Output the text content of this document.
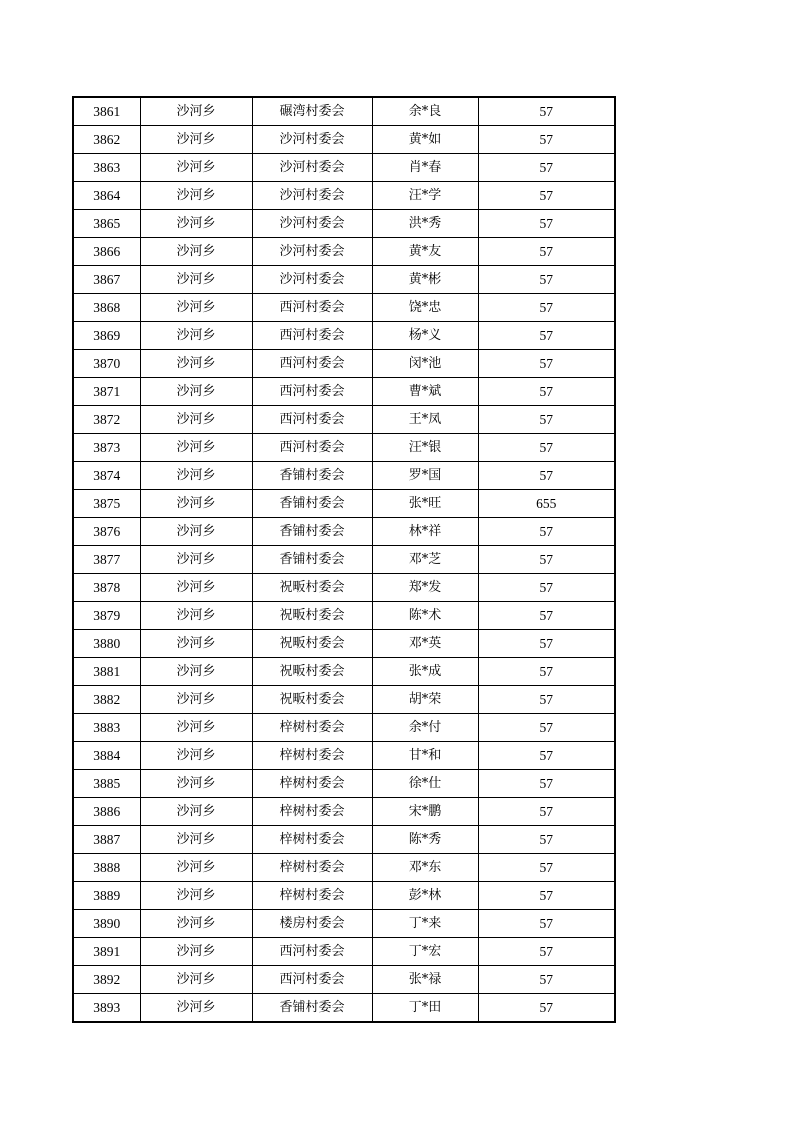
3861	沙河乡	碾湾村委会	余*良	57
3862	沙河乡	沙河村委会	黄*如	57
3863	沙河乡	沙河村委会	肖*春	57
3864	沙河乡	沙河村委会	汪*学	57
3865	沙河乡	沙河村委会	洪*秀	57
3866	沙河乡	沙河村委会	黄*友	57
3867	沙河乡	沙河村委会	黄*彬	57
3868	沙河乡	西河村委会	饶*忠	57
3869	沙河乡	西河村委会	杨*义	57
3870	沙河乡	西河村委会	闵*池	57
3871	沙河乡	西河村委会	曹*斌	57
3872	沙河乡	西河村委会	王*凤	57
3873	沙河乡	西河村委会	汪*银	57
3874	沙河乡	香铺村委会	罗*国	57
3875	沙河乡	香铺村委会	张*旺	655
3876	沙河乡	香铺村委会	林*祥	57
3877	沙河乡	香铺村委会	邓*芝	57
3878	沙河乡	祝畈村委会	郑*发	57
3879	沙河乡	祝畈村委会	陈*术	57
3880	沙河乡	祝畈村委会	邓*英	57
3881	沙河乡	祝畈村委会	张*成	57
3882	沙河乡	祝畈村委会	胡*荣	57
3883	沙河乡	梓树村委会	余*付	57
3884	沙河乡	梓树村委会	甘*和	57
3885	沙河乡	梓树村委会	徐*仕	57
3886	沙河乡	梓树村委会	宋*鹏	57
3887	沙河乡	梓树村委会	陈*秀	57
3888	沙河乡	梓树村委会	邓*东	57
3889	沙河乡	梓树村委会	彭*林	57
3890	沙河乡	楼房村委会	丁*来	57
3891	沙河乡	西河村委会	丁*宏	57
3892	沙河乡	西河村委会	张*禄	57
3893	沙河乡	香铺村委会	丁*田	57
